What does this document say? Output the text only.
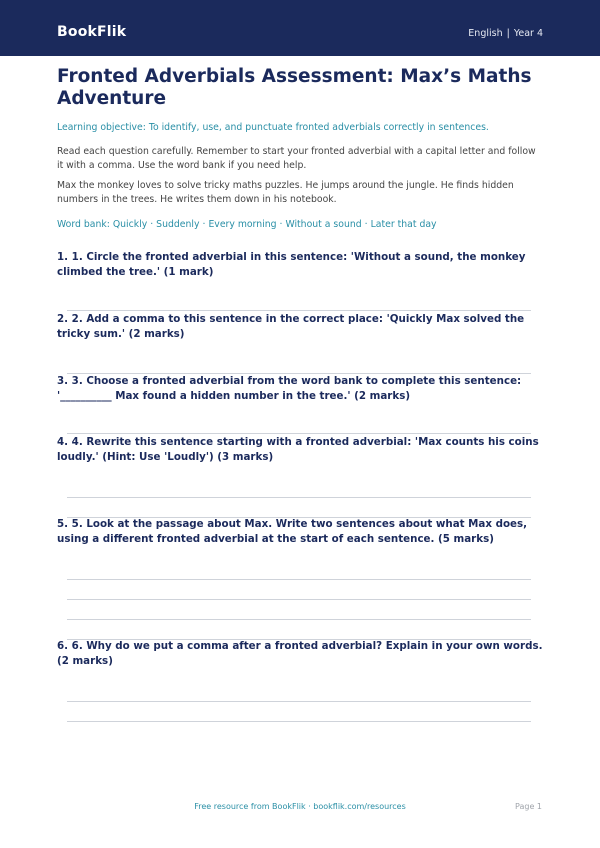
BookFlik	English | Year 4
Fronted Adverbials Assessment: Max’s Maths Adventure
Learning objective: To identify, use, and punctuate fronted adverbials correctly in sentences.

Read each question carefully. Remember to start your fronted adverbial with a capital letter and follow it with a comma. Use the word bank if you need help.

Max the monkey loves to solve tricky maths puzzles. He jumps around the jungle. He finds hidden numbers in the trees. He writes them down in his notebook.

Word bank: Quickly · Suddenly · Every morning · Without a sound · Later that day

1. 1. Circle the fronted adverbial in this sentence: 'Without a sound, the monkey climbed the tree.' (1 mark)

2. 2. Add a comma to this sentence in the correct place: 'Quickly Max solved the tricky sum.' (2 marks)

3. 3. Choose a fronted adverbial from the word bank to complete this sentence: '__________ Max found a hidden number in the tree.' (2 marks)

4. 4. Rewrite this sentence starting with a fronted adverbial: 'Max counts his coins loudly.' (Hint: Use 'Loudly') (3 marks)

5. 5. Look at the passage about Max. Write two sentences about what Max does, using a different fronted adverbial at the start of each sentence. (5 marks)

6. 6. Why do we put a comma after a fronted adverbial? Explain in your own words. (2 marks)

Free resource from BookFlik · bookflik.com/resources	Page 1
